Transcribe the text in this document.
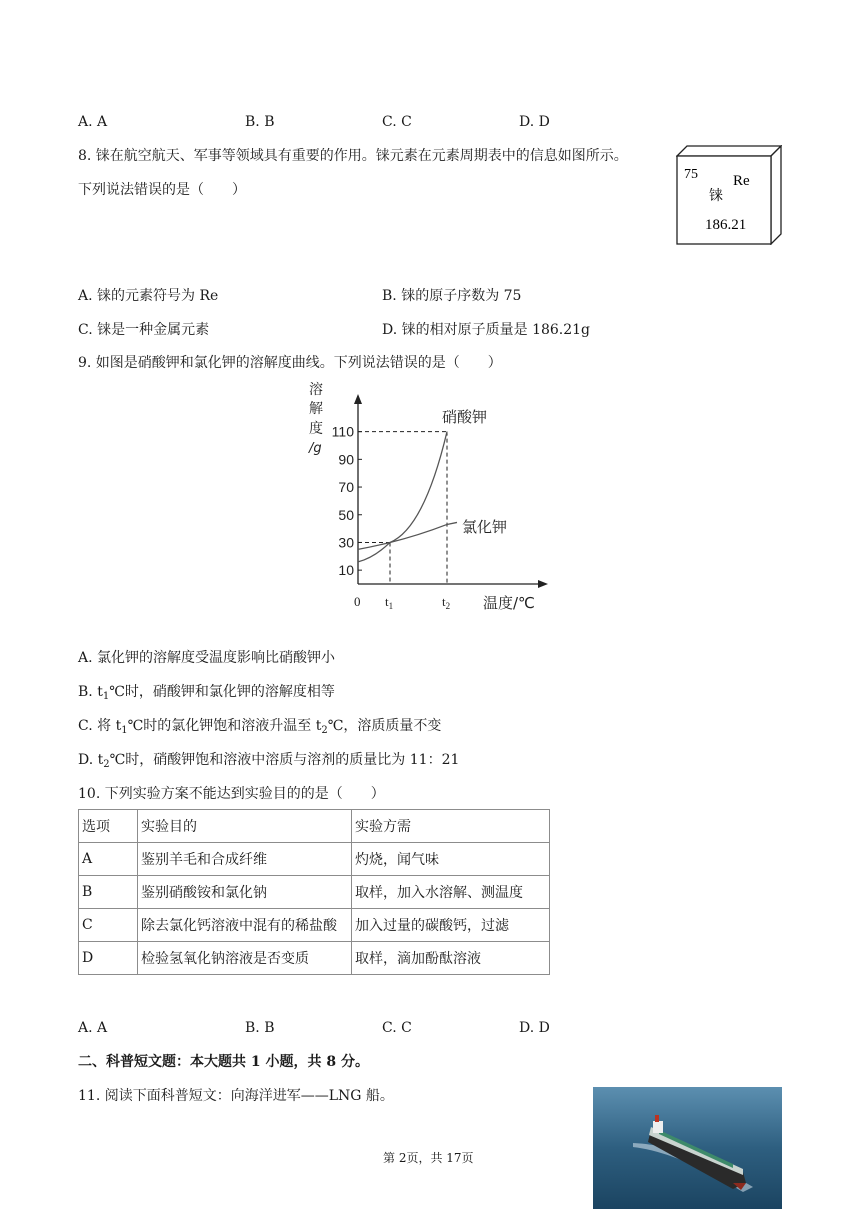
A. A	B. B	C. C	D. D
8. 铼在航空航天、军事等领域具有重要的作用。铼元素在元素周期表中的信息如图所示。
下列说法错误的是（　　）
75 Re
铼
186.21
A. 铼的元素符号为 Re	B. 铼的原子序数为 75
C. 铼是一种金属元素	D. 铼的相对原子质量是 186.21g
9. 如图是硝酸钾和氯化钾的溶解度曲线。下列说法错误的是（　　）
溶
解
度
/g
10
30
50
70
90
110
0 $t_1$	$t_2$
硝酸钾
氯化钾
温度/℃
A. 氯化钾的溶解度受温度影响比硝酸钾小
B. $t_1℃$时，硝酸钾和氯化钾的溶解度相等
C. 将 $t_1℃$时的氯化钾饱和溶液升温至 $t_2℃$，溶质质量不变
D. $t_2℃$时，硝酸钾饱和溶液中溶质与溶剂的质量比为 11：21
10. 下列实验方案不能达到实验目的的是（　　）
选项	实验目的	实验方需
A	鉴别羊毛和合成纤维	灼烧，闻气味
B	鉴别硝酸铵和氯化钠	取样，加入水溶解、测温度
C	除去氯化钙溶液中混有的稀盐酸	加入过量的碳酸钙，过滤
D	检验氢氧化钠溶液是否变质	取样，滴加酚酞溶液
A. A	B. B	C. C	D. D
二、科普短文题：本大题共 1 小题，共 8 分。
11. 阅读下面科普短文：向海洋进军——LNG 船。
第 2页，共 17页
